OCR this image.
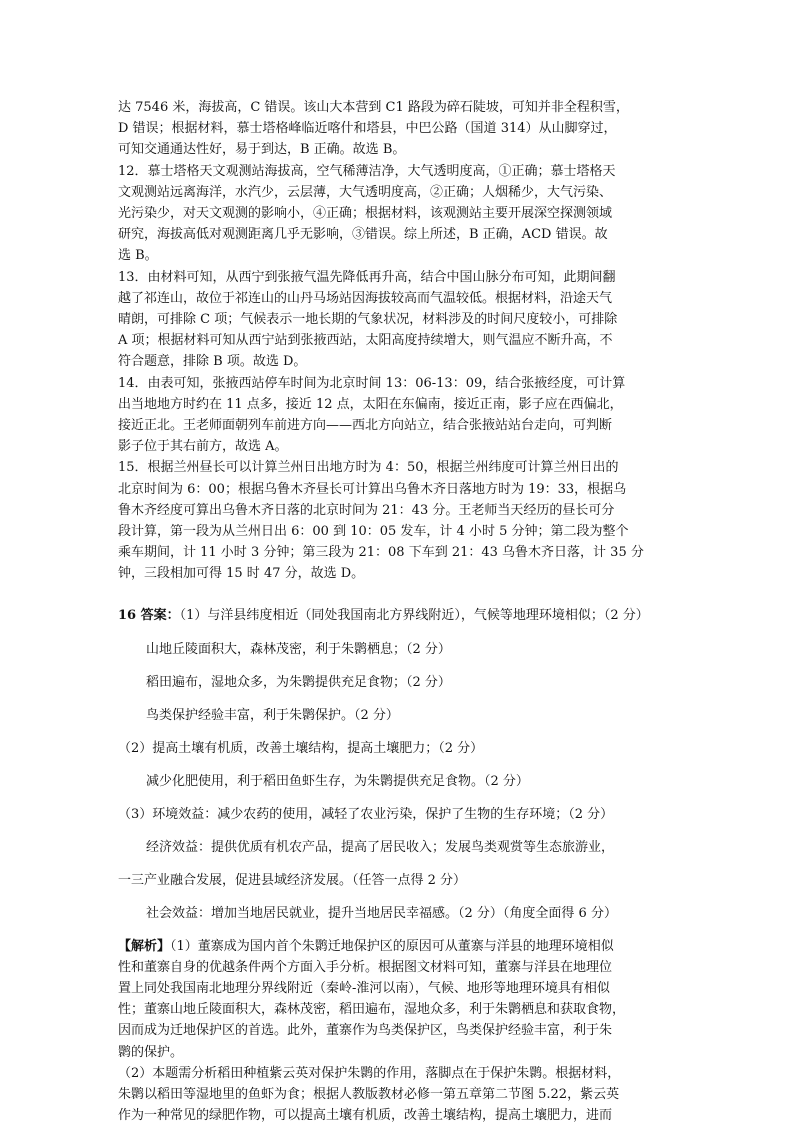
达 7546 米，海拔高，C 错误。该山大本营到 C1 路段为碎石陡坡，可知并非全程积雪，

D 错误；根据材料，慕士塔格峰临近喀什和塔县，中巴公路（国道 314）从山脚穿过，

可知交通通达性好，易于到达，B 正确。故选 B。

12．慕士塔格天文观测站海拔高，空气稀薄洁净，大气透明度高，①正确；慕士塔格天

文观测站远离海洋，水汽少，云层薄，大气透明度高，②正确；人烟稀少，大气污染、

光污染少，对天文观测的影响小，④正确；根据材料，该观测站主要开展深空探测领域

研究，海拔高低对观测距离几乎无影响，③错误。综上所述，B 正确，ACD 错误。故

选 B。

13．由材料可知，从西宁到张掖气温先降低再升高，结合中国山脉分布可知，此期间翻

越了祁连山，故位于祁连山的山丹马场站因海拔较高而气温较低。根据材料，沿途天气

晴朗，可排除 C 项；气候表示一地长期的气象状况，材料涉及的时间尺度较小，可排除

A 项；根据材料可知从西宁站到张掖西站，太阳高度持续增大，则气温应不断升高，不

符合题意，排除 B 项。故选 D。

14．由表可知，张掖西站停车时间为北京时间 13：06-13：09，结合张掖经度，可计算

出当地地方时约在 11 点多，接近 12 点，太阳在东偏南，接近正南，影子应在西偏北，

接近正北。王老师面朝列车前进方向——西北方向站立，结合张掖站站台走向，可判断

影子位于其右前方，故选 A。

15．根据兰州昼长可以计算兰州日出地方时为 4：50，根据兰州纬度可计算兰州日出的

北京时间为 6：00；根据乌鲁木齐昼长可计算出乌鲁木齐日落地方时为 19：33，根据乌

鲁木齐经度可算出乌鲁木齐日落的北京时间为 21：43 分。王老师当天经历的昼长可分

段计算，第一段为从兰州日出 6：00 到 10：05 发车，计 4 小时 5 分钟；第二段为整个

乘车期间，计 11 小时 3 分钟；第三段为 21：08 下车到 21：43 乌鲁木齐日落，计 35 分

钟，三段相加可得 15 时 47 分，故选 D。

16 答案：（1）与洋县纬度相近（同处我国南北方界线附近），气候等地理环境相似；（2 分）

山地丘陵面积大，森林茂密，利于朱鹮栖息；（2 分）

稻田遍布，湿地众多，为朱鹮提供充足食物；（2 分）

鸟类保护经验丰富，利于朱鹮保护。（2 分）

（2）提高土壤有机质，改善土壤结构，提高土壤肥力；（2 分）

减少化肥使用，利于稻田鱼虾生存，为朱鹮提供充足食物。（2 分）

（3）环境效益：减少农药的使用，减轻了农业污染，保护了生物的生存环境；（2 分）

经济效益：提供优质有机农产品，提高了居民收入；发展鸟类观赏等生态旅游业，

一三产业融合发展，促进县域经济发展。（任答一点得 2 分）

社会效益：增加当地居民就业，提升当地居民幸福感。（2 分）（角度全面得 6 分）

【解析】（1）董寨成为国内首个朱鹮迁地保护区的原因可从董寨与洋县的地理环境相似

性和董寨自身的优越条件两个方面入手分析。根据图文材料可知，董寨与洋县在地理位

置上同处我国南北地理分界线附近（秦岭-淮河以南），气候、地形等地理环境具有相似

性；董寨山地丘陵面积大，森林茂密，稻田遍布，湿地众多，利于朱鹮栖息和获取食物，

因而成为迁地保护区的首选。此外，董寨作为鸟类保护区，鸟类保护经验丰富，利于朱

鹮的保护。

（2）本题需分析稻田种植紫云英对保护朱鹮的作用，落脚点在于保护朱鹮。根据材料，

朱鹮以稻田等湿地里的鱼虾为食；根据人教版教材必修一第五章第二节图 5.22，紫云英

作为一种常见的绿肥作物，可以提高土壤有机质，改善土壤结构，提高土壤肥力，进而
